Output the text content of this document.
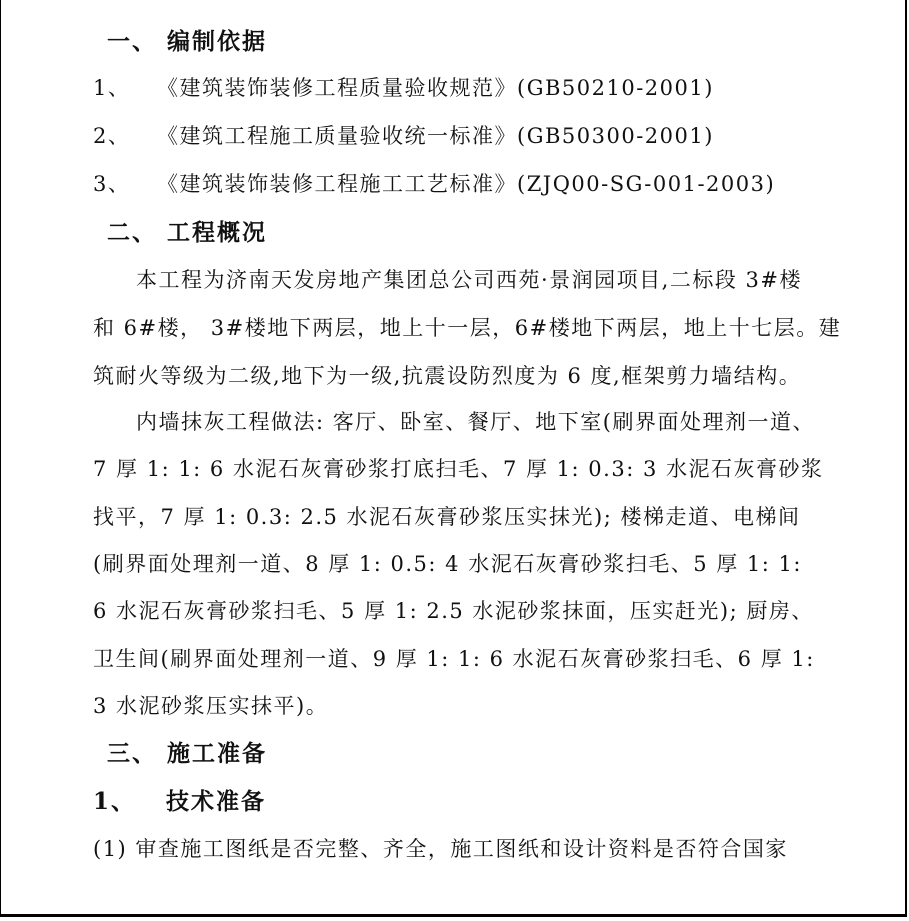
一、 编制依据
1、 《建筑装饰装修工程质量验收规范》(GB50210-2001)
2、 《建筑工程施工质量验收统一标准》(GB50300-2001)
3、 《建筑装饰装修工程施工工艺标准》(ZJQ00-SG-001-2003)
二、 工程概况
本工程为济南天发房地产集团总公司西苑·景润园项目,二标段 3#楼
和 6#楼， 3#楼地下两层，地上十一层，6#楼地下两层，地上十七层。建
筑耐火等级为二级,地下为一级,抗震设防烈度为 6 度,框架剪力墙结构。
内墙抹灰工程做法: 客厅、卧室、餐厅、地下室(刷界面处理剂一道、
7 厚 1: 1: 6 水泥石灰膏砂浆打底扫毛、7 厚 1: 0.3: 3 水泥石灰膏砂浆
找平，7 厚 1: 0.3: 2.5 水泥石灰膏砂浆压实抹光); 楼梯走道、电梯间
(刷界面处理剂一道、8 厚 1: 0.5: 4 水泥石灰膏砂浆扫毛、5 厚 1: 1:
6 水泥石灰膏砂浆扫毛、5 厚 1: 2.5 水泥砂浆抹面，压实赶光); 厨房、
卫生间(刷界面处理剂一道、9 厚 1: 1: 6 水泥石灰膏砂浆扫毛、6 厚 1:
3 水泥砂浆压实抹平)。
三、 施工准备
1、   技术准备
(1) 审查施工图纸是否完整、齐全，施工图纸和设计资料是否符合国家
